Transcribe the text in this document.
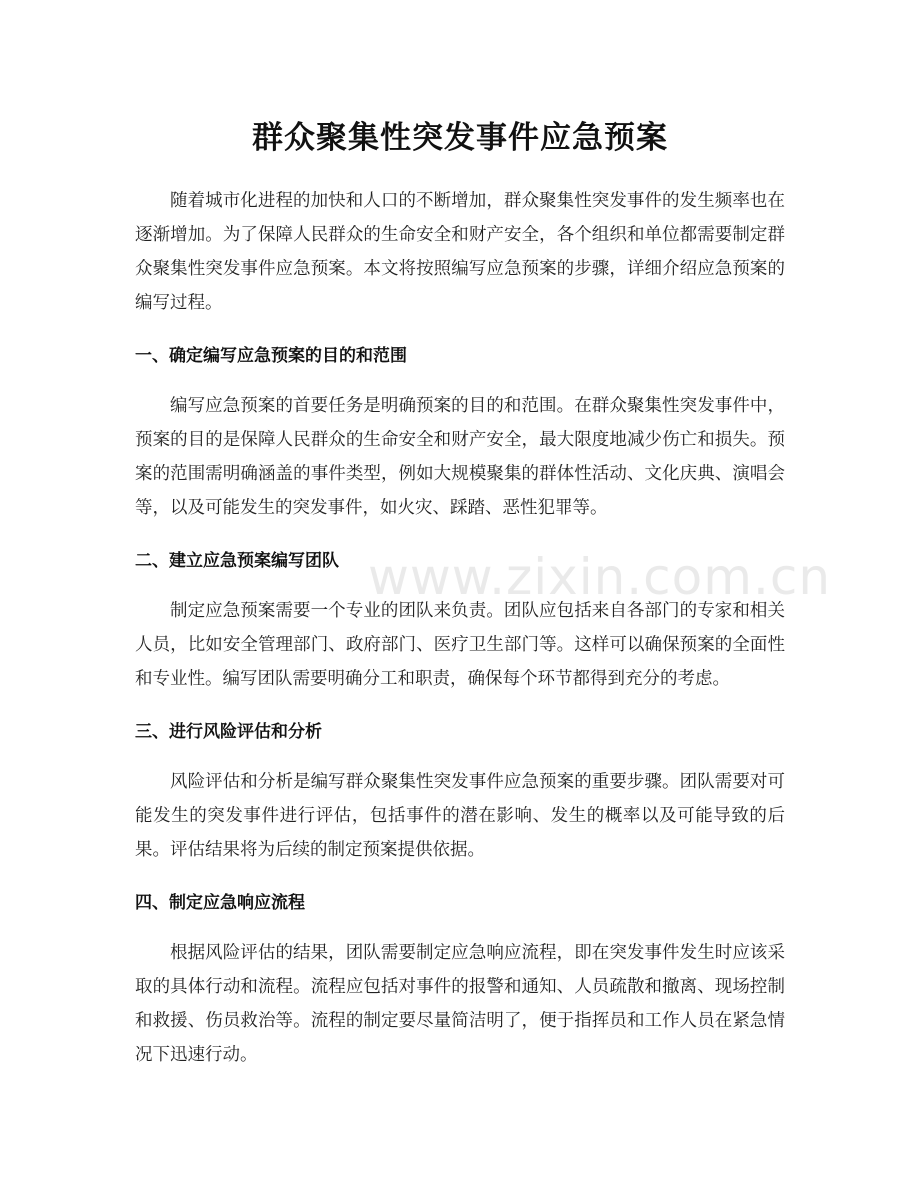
群众聚集性突发事件应急预案

随着城市化进程的加快和人口的不断增加，群众聚集性突发事件的发生频率也在逐渐增加。为了保障人民群众的生命安全和财产安全，各个组织和单位都需要制定群众聚集性突发事件应急预案。本文将按照编写应急预案的步骤，详细介绍应急预案的编写过程。

一、确定编写应急预案的目的和范围

编写应急预案的首要任务是明确预案的目的和范围。在群众聚集性突发事件中，预案的目的是保障人民群众的生命安全和财产安全，最大限度地减少伤亡和损失。预案的范围需明确涵盖的事件类型，例如大规模聚集的群体性活动、文化庆典、演唱会等，以及可能发生的突发事件，如火灾、踩踏、恶性犯罪等。

二、建立应急预案编写团队

制定应急预案需要一个专业的团队来负责。团队应包括来自各部门的专家和相关人员，比如安全管理部门、政府部门、医疗卫生部门等。这样可以确保预案的全面性和专业性。编写团队需要明确分工和职责，确保每个环节都得到充分的考虑。

三、进行风险评估和分析

风险评估和分析是编写群众聚集性突发事件应急预案的重要步骤。团队需要对可能发生的突发事件进行评估，包括事件的潜在影响、发生的概率以及可能导致的后果。评估结果将为后续的制定预案提供依据。

四、制定应急响应流程

根据风险评估的结果，团队需要制定应急响应流程，即在突发事件发生时应该采取的具体行动和流程。流程应包括对事件的报警和通知、人员疏散和撤离、现场控制和救援、伤员救治等。流程的制定要尽量简洁明了，便于指挥员和工作人员在紧急情况下迅速行动。

www.zixin.com.cn
